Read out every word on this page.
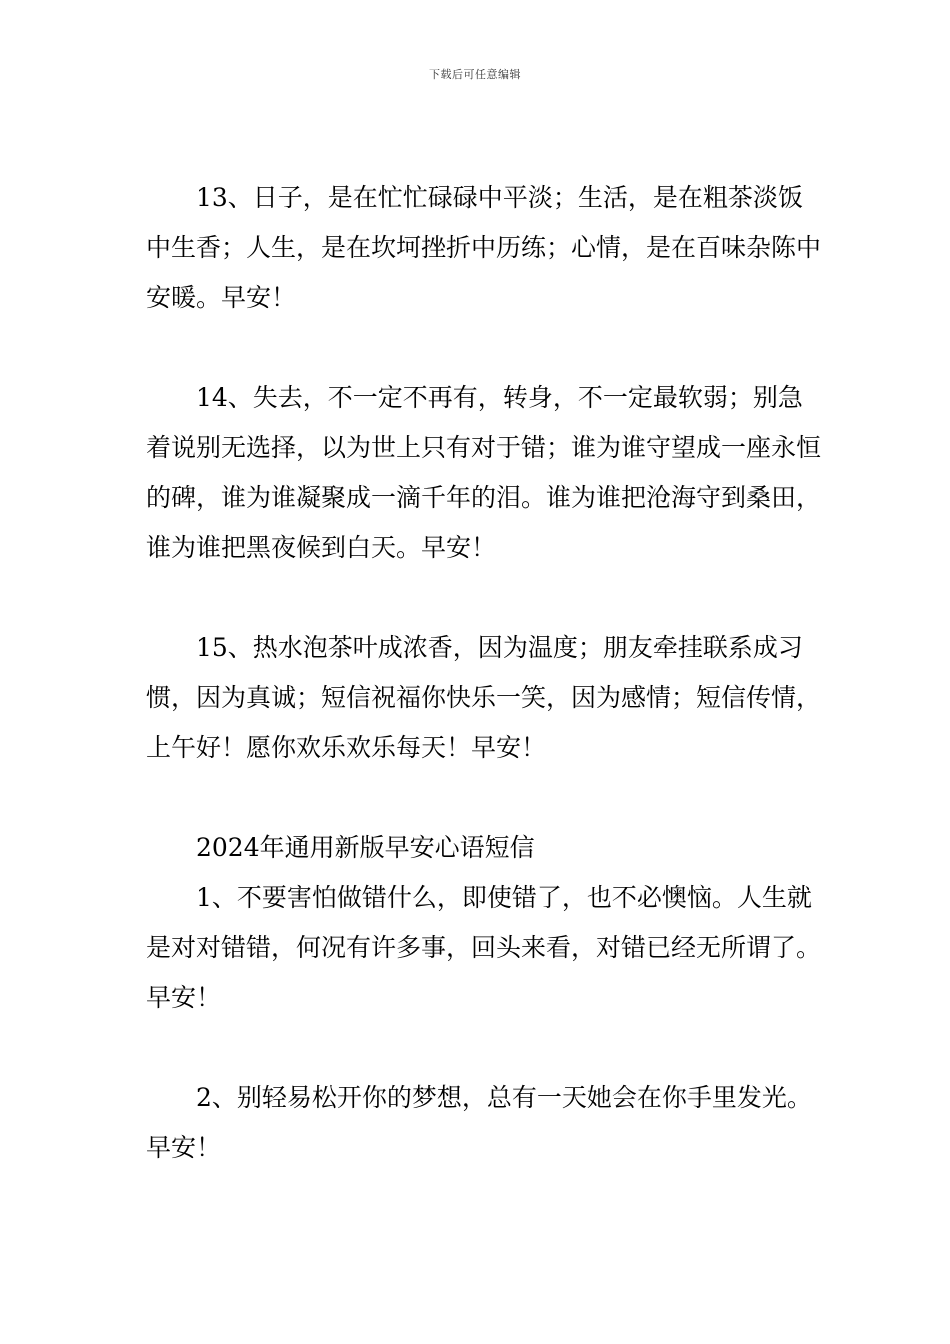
下载后可任意编辑

13、日子，是在忙忙碌碌中平淡；生活，是在粗茶淡饭中生香；人生，是在坎坷挫折中历练；心情，是在百味杂陈中安暖。早安！

14、失去，不一定不再有，转身，不一定最软弱；别急着说别无选择，以为世上只有对于错；谁为谁守望成一座永恒的碑，谁为谁凝聚成一滴千年的泪。谁为谁把沧海守到桑田，谁为谁把黑夜候到白天。早安！

15、热水泡茶叶成浓香，因为温度；朋友牵挂联系成习惯，因为真诚；短信祝福你快乐一笑，因为感情；短信传情，上午好！愿你欢乐欢乐每天！早安！

2024年通用新版早安心语短信

1、不要害怕做错什么，即使错了，也不必懊恼。人生就是对对错错，何况有许多事，回头来看，对错已经无所谓了。早安！

2、别轻易松开你的梦想，总有一天她会在你手里发光。早安！
